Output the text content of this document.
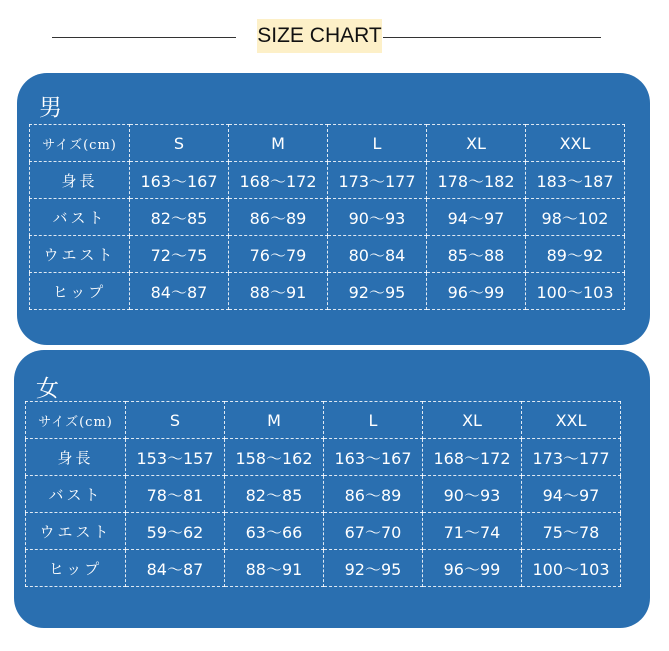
SIZE CHART
男
サイズ(cm)	S	M	L	XL	XXL
身長	163〜167	168〜172	173〜177	178〜182	183〜187
バスト	82〜85	86〜89	90〜93	94〜97	98〜102
ウエスト	72〜75	76〜79	80〜84	85〜88	89〜92
ヒップ	84〜87	88〜91	92〜95	96〜99	100〜103
女
サイズ(cm)	S	M	L	XL	XXL
身長	153〜157	158〜162	163〜167	168〜172	173〜177
バスト	78〜81	82〜85	86〜89	90〜93	94〜97
ウエスト	59〜62	63〜66	67〜70	71〜74	75〜78
ヒップ	84〜87	88〜91	92〜95	96〜99	100〜103
